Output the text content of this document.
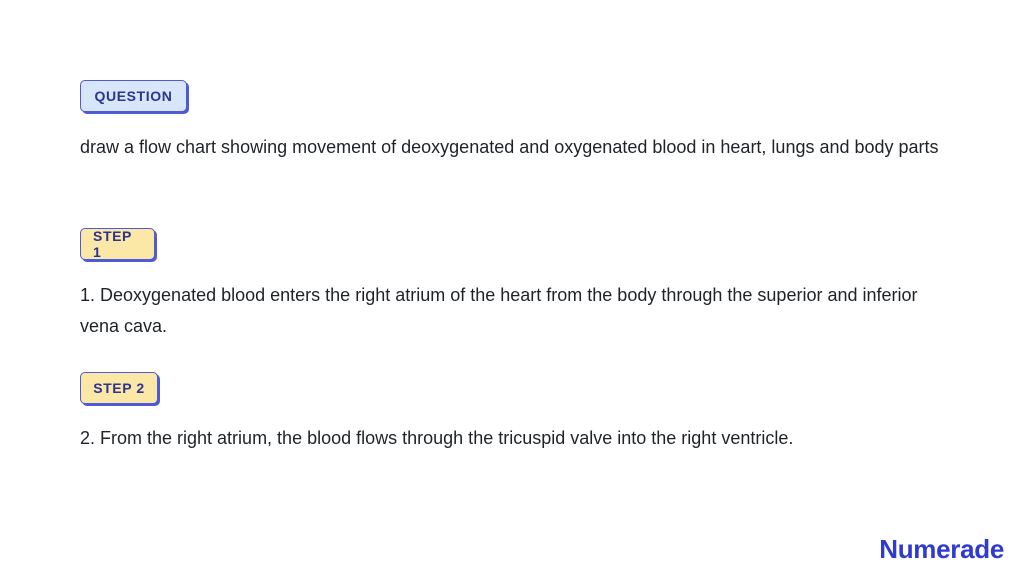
QUESTION

draw a flow chart showing movement of deoxygenated and oxygenated blood in heart, lungs and body parts

STEP 1

1. Deoxygenated blood enters the right atrium of the heart from the body through the superior and inferior vena cava.

STEP 2

2. From the right atrium, the blood flows through the tricuspid valve into the right ventricle.

Numerade
